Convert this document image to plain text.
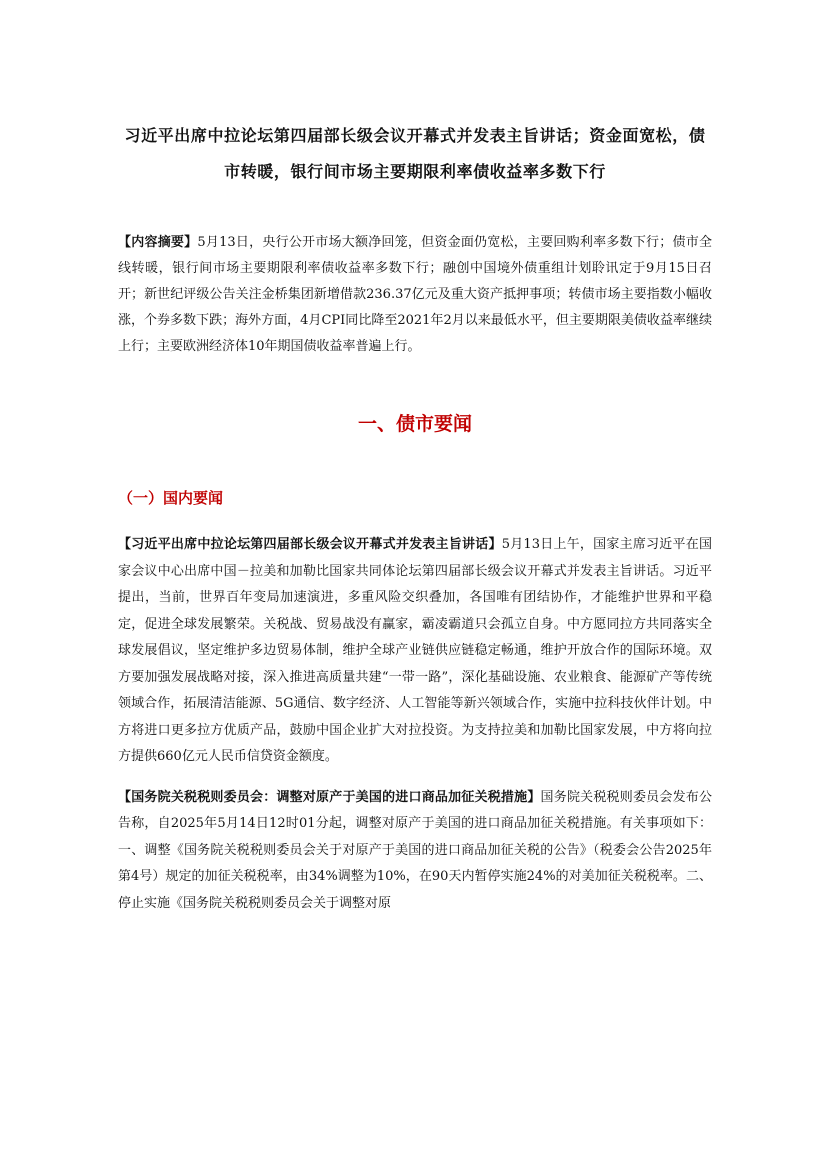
习近平出席中拉论坛第四届部长级会议开幕式并发表主旨讲话；资金面宽松，债市转暖，银行间市场主要期限利率债收益率多数下行

【内容摘要】5月13日，央行公开市场大额净回笼，但资金面仍宽松，主要回购利率多数下行；债市全线转暖，银行间市场主要期限利率债收益率多数下行；融创中国境外债重组计划聆讯定于9月15日召开；新世纪评级公告关注金桥集团新增借款236.37亿元及重大资产抵押事项；转债市场主要指数小幅收涨，个券多数下跌；海外方面，4月CPI同比降至2021年2月以来最低水平，但主要期限美债收益率继续上行；主要欧洲经济体10年期国债收益率普遍上行。

一、债市要闻
（一）国内要闻

【习近平出席中拉论坛第四届部长级会议开幕式并发表主旨讲话】5月13日上午，国家主席习近平在国家会议中心出席中国－拉美和加勒比国家共同体论坛第四届部长级会议开幕式并发表主旨讲话。习近平提出，当前，世界百年变局加速演进，多重风险交织叠加，各国唯有团结协作，才能维护世界和平稳定，促进全球发展繁荣。关税战、贸易战没有赢家，霸凌霸道只会孤立自身。中方愿同拉方共同落实全球发展倡议，坚定维护多边贸易体制，维护全球产业链供应链稳定畅通，维护开放合作的国际环境。双方要加强发展战略对接，深入推进高质量共建“一带一路”，深化基础设施、农业粮食、能源矿产等传统领域合作，拓展清洁能源、5G通信、数字经济、人工智能等新兴领域合作，实施中拉科技伙伴计划。中方将进口更多拉方优质产品，鼓励中国企业扩大对拉投资。为支持拉美和加勒比国家发展，中方将向拉方提供660亿元人民币信贷资金额度。

【国务院关税税则委员会：调整对原产于美国的进口商品加征关税措施】国务院关税税则委员会发布公告称，自2025年5月14日12时01分起，调整对原产于美国的进口商品加征关税措施。有关事项如下：一、调整《国务院关税税则委员会关于对原产于美国的进口商品加征关税的公告》（税委会公告2025年第4号）规定的加征关税税率，由34%调整为10%，在90天内暂停实施24%的对美加征关税税率。二、停止实施《国务院关税税则委员会关于调整对原
